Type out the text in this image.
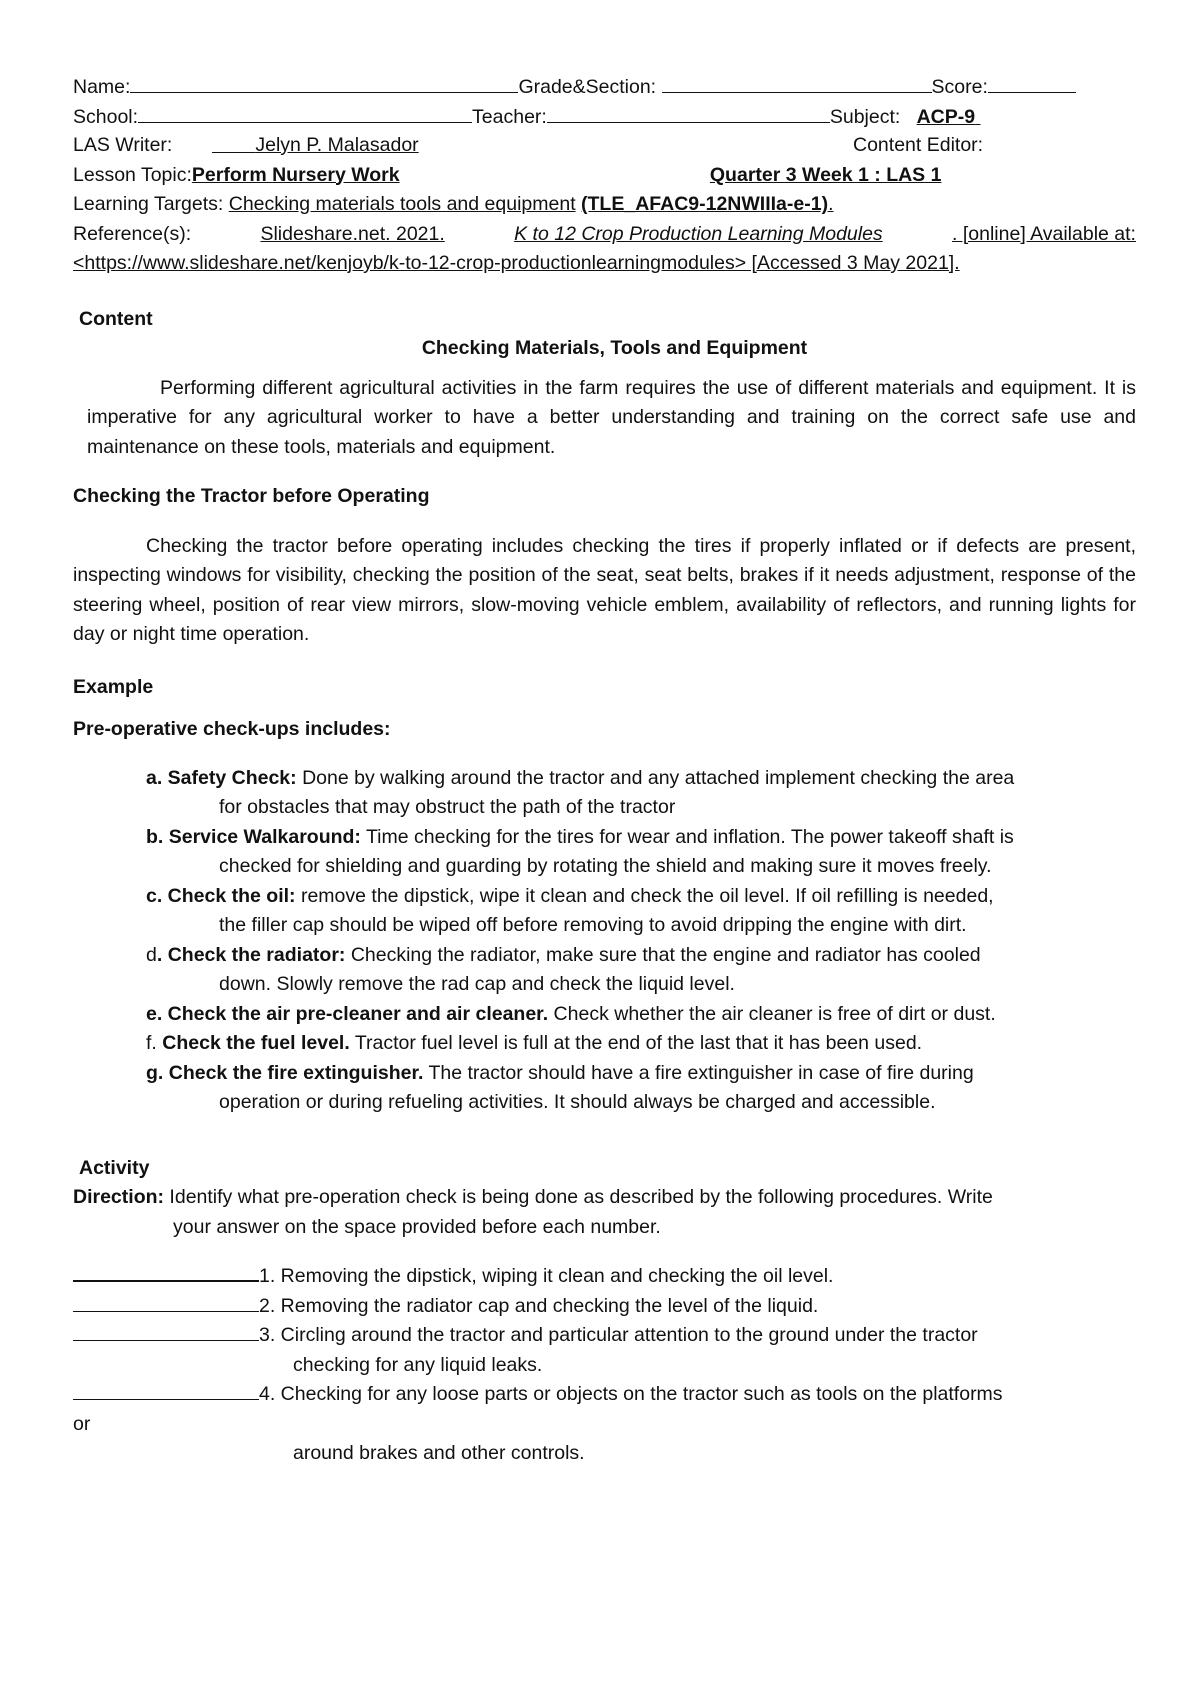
Name:	Grade&Section:	Score:
School:	Teacher:	Subject: ACP-9
LAS Writer:	Jelyn P. Malasador	Content Editor:
Lesson Topic:Perform Nursery Work	Quarter 3 Week 1 : LAS 1
Learning Targets: Checking materials tools and equipment (TLE_AFAC9-12NWIIIa-e-1).
Reference(s):	Slideshare.net. 2021.	K to 12 Crop Production Learning Modules	. [online] Available at:
<https://www.slideshare.net/kenjoyb/k-to-12-crop-productionlearningmodules> [Accessed 3 May 2021].
Content
Checking Materials, Tools and Equipment

Performing different agricultural activities in the farm requires the use of different materials and equipment. It is imperative for any agricultural worker to have a better understanding and training on the correct safe use and maintenance on these tools, materials and equipment.

Checking the Tractor before Operating

Checking the tractor before operating includes checking the tires if properly inflated or if defects are present, inspecting windows for visibility, checking the position of the seat, seat belts, brakes if it needs adjustment, response of the steering wheel, position of rear view mirrors, slow-moving vehicle emblem, availability of reflectors, and running lights for day or night time operation.

Example

Pre-operative check-ups includes:

a. Safety Check: Done by walking around the tractor and any attached implement checking the area
for obstacles that may obstruct the path of the tractor
b. Service Walkaround: Time checking for the tires for wear and inflation. The power takeoff shaft is
checked for shielding and guarding by rotating the shield and making sure it moves freely.
c. Check the oil: remove the dipstick, wipe it clean and check the oil level. If oil refilling is needed,
the filler cap should be wiped off before removing to avoid dripping the engine with dirt.
d. Check the radiator: Checking the radiator, make sure that the engine and radiator has cooled
down. Slowly remove the rad cap and check the liquid level.
e. Check the air pre-cleaner and air cleaner. Check whether the air cleaner is free of dirt or dust.
f. Check the fuel level. Tractor fuel level is full at the end of the last that it has been used.
g. Check the fire extinguisher. The tractor should have a fire extinguisher in case of fire during
operation or during refueling activities. It should always be charged and accessible.

Activity

Direction: Identify what pre-operation check is being done as described by the following procedures. Write
your answer on the space provided before each number.
1. Removing the dipstick, wiping it clean and checking the oil level.
2. Removing the radiator cap and checking the level of the liquid.
3. Circling around the tractor and particular attention to the ground under the tractor
checking for any liquid leaks.
4. Checking for any loose parts or objects on the tractor such as tools on the platforms
or
around brakes and other controls.
